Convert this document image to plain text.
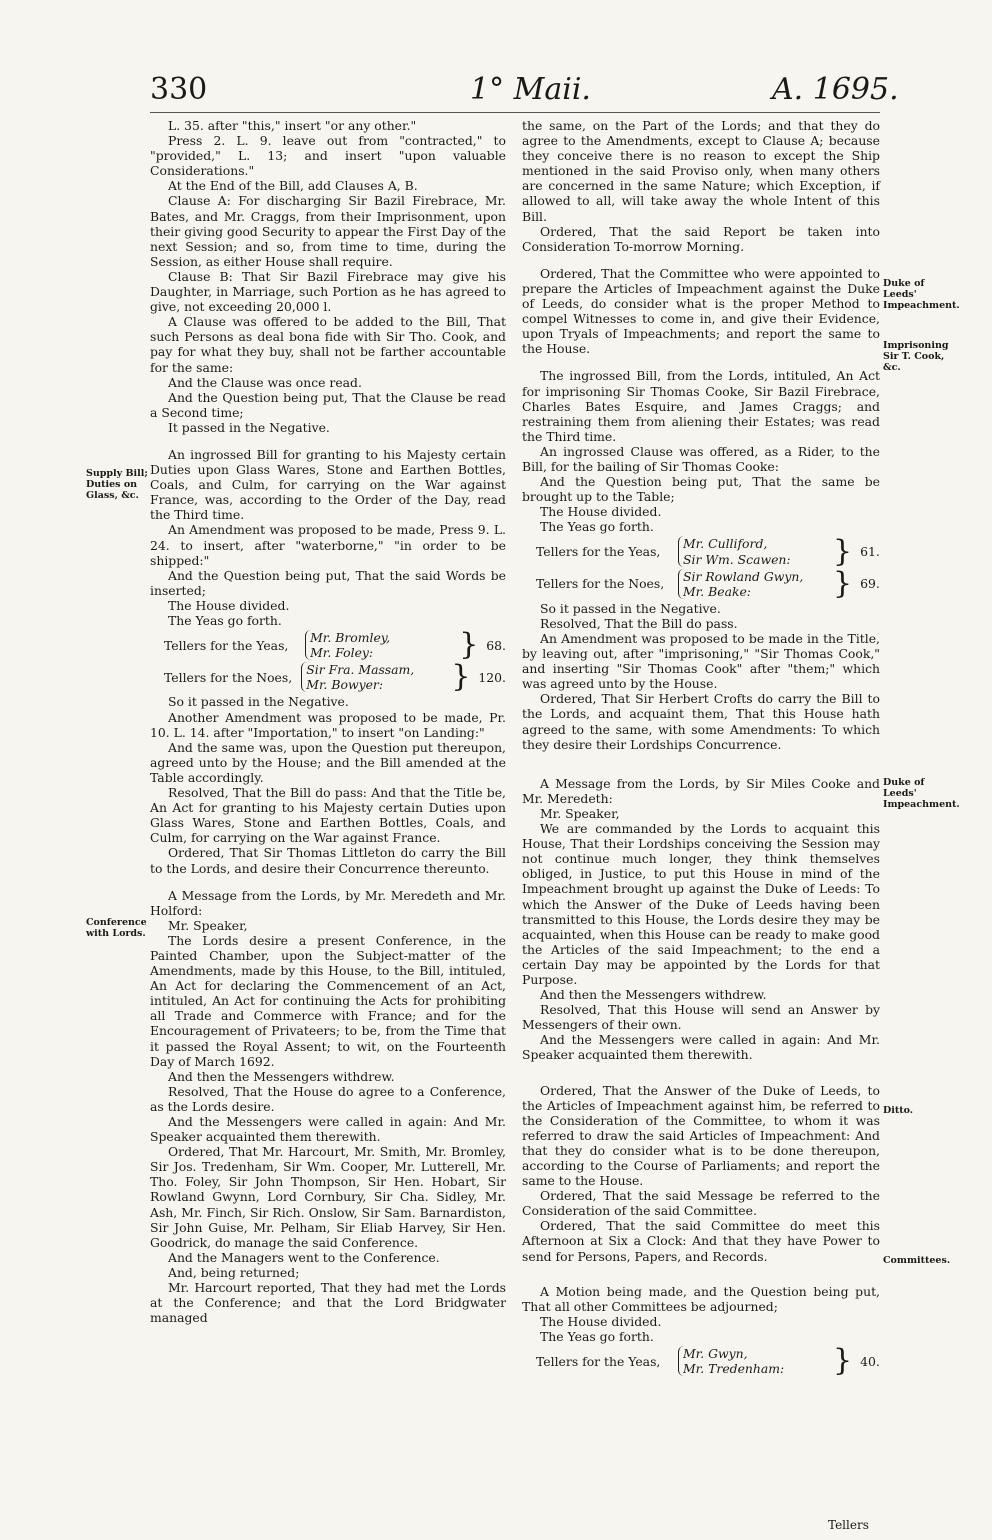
330	1° Maii.	A. 1695.
Supply Bill; Duties on Glass, &c.
Conference with Lords.
Duke of Leeds' Impeachment.
Imprisoning Sir T. Cook, &c.
Duke of Leeds' Impeachment.
Ditto.
Committees.

L. 35. after "this," insert "or any other."

Press 2. L. 9. leave out from "contracted," to "provided," L. 13; and insert "upon valuable Considerations."

At the End of the Bill, add Clauses A, B.

Clause A: For discharging Sir Bazil Firebrace, Mr. Bates, and Mr. Craggs, from their Imprisonment, upon their giving good Security to appear the First Day of the next Session; and so, from time to time, during the Session, as either House shall require.

Clause B: That Sir Bazil Firebrace may give his Daughter, in Marriage, such Portion as he has agreed to give, not exceeding 20,000 l.

A Clause was offered to be added to the Bill, That such Persons as deal bona fide with Sir Tho. Cook, and pay for what they buy, shall not be farther accountable for the same:

And the Clause was once read.

And the Question being put, That the Clause be read a Second time;

It passed in the Negative.

An ingrossed Bill for granting to his Majesty certain Duties upon Glass Wares, Stone and Earthen Bottles, Coals, and Culm, for carrying on the War against France, was, according to the Order of the Day, read the Third time.

An Amendment was proposed to be made, Press 9. L. 24. to insert, after "waterborne," "in order to be shipped:"

And the Question being put, That the said Words be inserted;

The House divided.

The Yeas go forth.

Tellers for the Yeas,
Mr. Bromley,
Mr. Foley:	} 68.
Tellers for the Noes,
Sir Fra. Massam,
Mr. Bowyer:	} 120.

So it passed in the Negative.

Another Amendment was proposed to be made, Pr. 10. L. 14. after "Importation," to insert "on Landing:"

And the same was, upon the Question put thereupon, agreed unto by the House; and the Bill amended at the Table accordingly.

Resolved, That the Bill do pass: And that the Title be, An Act for granting to his Majesty certain Duties upon Glass Wares, Stone and Earthen Bottles, Coals, and Culm, for carrying on the War against France.

Ordered, That Sir Thomas Littleton do carry the Bill to the Lords, and desire their Concurrence thereunto.

A Message from the Lords, by Mr. Meredeth and Mr. Holford:

Mr. Speaker,

The Lords desire a present Conference, in the Painted Chamber, upon the Subject-matter of the Amendments, made by this House, to the Bill, intituled, An Act for declaring the Commencement of an Act, intituled, An Act for continuing the Acts for prohibiting all Trade and Commerce with France; and for the Encouragement of Privateers; to be, from the Time that it passed the Royal Assent; to wit, on the Fourteenth Day of March 1692.

And then the Messengers withdrew.

Resolved, That the House do agree to a Conference, as the Lords desire.

And the Messengers were called in again: And Mr. Speaker acquainted them therewith.

Ordered, That Mr. Harcourt, Mr. Smith, Mr. Bromley, Sir Jos. Tredenham, Sir Wm. Cooper, Mr. Lutterell, Mr. Tho. Foley, Sir John Thompson, Sir Hen. Hobart, Sir Rowland Gwynn, Lord Cornbury, Sir Cha. Sidley, Mr. Ash, Mr. Finch, Sir Rich. Onslow, Sir Sam. Barnardiston, Sir John Guise, Mr. Pelham, Sir Eliab Harvey, Sir Hen. Goodrick, do manage the said Conference.

And the Managers went to the Conference.

And, being returned;

Mr. Harcourt reported, That they had met the Lords at the Conference; and that the Lord Bridgwater managed

the same, on the Part of the Lords; and that they do agree to the Amendments, except to Clause A; because they conceive there is no reason to except the Ship mentioned in the said Proviso only, when many others are concerned in the same Nature; which Exception, if allowed to all, will take away the whole Intent of this Bill.

Ordered, That the said Report be taken into Consideration To-morrow Morning.

Ordered, That the Committee who were appointed to prepare the Articles of Impeachment against the Duke of Leeds, do consider what is the proper Method to compel Witnesses to come in, and give their Evidence, upon Tryals of Impeachments; and report the same to the House.

The ingrossed Bill, from the Lords, intituled, An Act for imprisoning Sir Thomas Cooke, Sir Bazil Firebrace, Charles Bates Esquire, and James Craggs; and restraining them from aliening their Estates; was read the Third time.

An ingrossed Clause was offered, as a Rider, to the Bill, for the bailing of Sir Thomas Cooke:

And the Question being put, That the same be brought up to the Table;

The House divided.

The Yeas go forth.

Tellers for the Yeas,
Mr. Culliford,
Sir Wm. Scawen:	} 61.
Tellers for the Noes,
Sir Rowland Gwyn,
Mr. Beake:	} 69.

So it passed in the Negative.

Resolved, That the Bill do pass.

An Amendment was proposed to be made in the Title, by leaving out, after "imprisoning," "Sir Thomas Cook," and inserting "Sir Thomas Cook" after "them;" which was agreed unto by the House.

Ordered, That Sir Herbert Crofts do carry the Bill to the Lords, and acquaint them, That this House hath agreed to the same, with some Amendments: To which they desire their Lordships Concurrence.

A Message from the Lords, by Sir Miles Cooke and Mr. Meredeth:

Mr. Speaker,

We are commanded by the Lords to acquaint this House, That their Lordships conceiving the Session may not continue much longer, they think themselves obliged, in Justice, to put this House in mind of the Impeachment brought up against the Duke of Leeds: To which the Answer of the Duke of Leeds having been transmitted to this House, the Lords desire they may be acquainted, when this House can be ready to make good the Articles of the said Impeachment; to the end a certain Day may be appointed by the Lords for that Purpose.

And then the Messengers withdrew.

Resolved, That this House will send an Answer by Messengers of their own.

And the Messengers were called in again: And Mr. Speaker acquainted them therewith.

Ordered, That the Answer of the Duke of Leeds, to the Articles of Impeachment against him, be referred to the Consideration of the Committee, to whom it was referred to draw the said Articles of Impeachment: And that they do consider what is to be done thereupon, according to the Course of Parliaments; and report the same to the House.

Ordered, That the said Message be referred to the Consideration of the said Committee.

Ordered, That the said Committee do meet this Afternoon at Six a Clock: And that they have Power to send for Persons, Papers, and Records.

A Motion being made, and the Question being put, That all other Committees be adjourned;

The House divided.

The Yeas go forth.

Tellers for the Yeas,
Mr. Gwyn,
Mr. Tredenham:	} 40.
Tellers
